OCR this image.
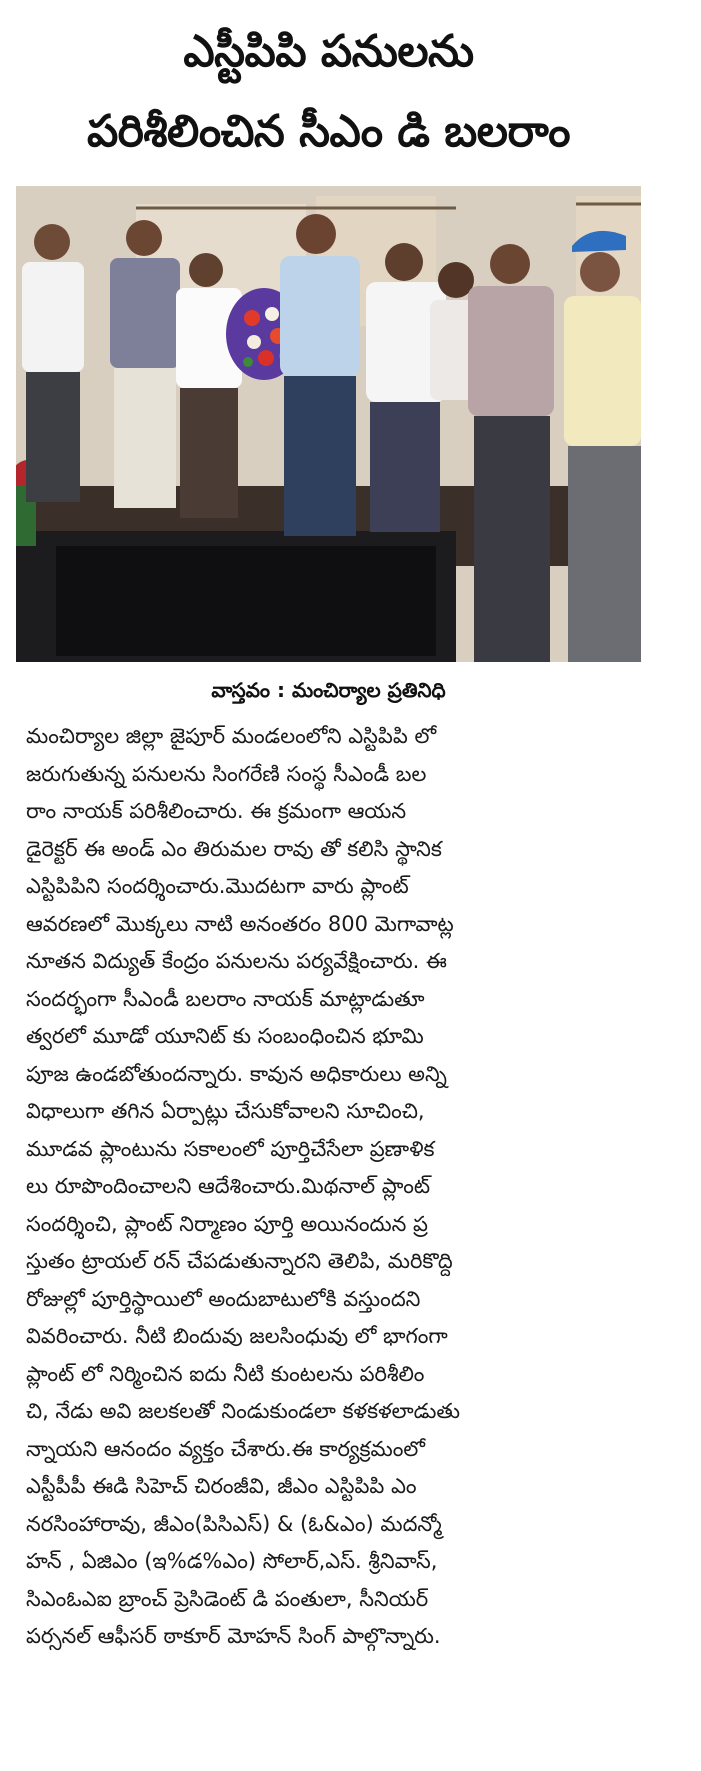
ఎస్టీపిపి పనులను
పరిశీలించిన సీఎం డి బలరాం
వాస్తవం : మంచిర్యాల ప్రతినిధి
మంచిర్యాల జిల్లా జైపూర్ మండలంలోని ఎస్టిపిపి లో
జరుగుతున్న పనులను సింగరేణి సంస్థ సీఎండీ బల
రాం నాయక్ పరిశీలించారు. ఈ క్రమంగా ఆయన
డైరెక్టర్ ఈ అండ్ ఎం తిరుమల రావు తో కలిసి స్థానిక
ఎస్టిపిపిని సందర్శించారు.మొదటగా వారు ప్లాంట్
ఆవరణలో మొక్కలు నాటి అనంతరం 800 మెగావాట్ల
నూతన విద్యుత్ కేంద్రం పనులను పర్యవేక్షించారు. ఈ
సందర్భంగా సీఎండీ బలరాం నాయక్ మాట్లాడుతూ
త్వరలో మూడో యూనిట్ కు సంబంధించిన భూమి
పూజ ఉండబోతుందన్నారు. కావున అధికారులు అన్ని
విధాలుగా తగిన ఏర్పాట్లు చేసుకోవాలని సూచించి,
మూడవ ప్లాంటును సకాలంలో పూర్తిచేసేలా ప్రణాళిక
లు రూపొందించాలని ఆదేశించారు.మిథనాల్ ప్లాంట్
సందర్శించి, ప్లాంట్ నిర్మాణం పూర్తి అయినందున ప్ర
స్తుతం ట్రాయల్ రన్ చేపడుతున్నారని తెలిపి, మరికొద్ది
రోజుల్లో పూర్తిస్థాయిలో అందుబాటులోకి వస్తుందని
వివరించారు. నీటి బిందువు జలసింధువు లో భాగంగా
ప్లాంట్ లో నిర్మించిన ఐదు నీటి కుంటలను పరిశీలిం
చి, నేడు అవి జలకలతో నిండుకుండలా కళకళలాడుతు
న్నాయని ఆనందం వ్యక్తం చేశారు.ఈ కార్యక్రమంలో
ఎస్టీపీపీ ఈడి సిహెచ్ చిరంజీవి, జీఎం ఎస్టిపిపి ఎం
నరసింహారావు, జీఎం(పిసిఎస్) & (ఓ&ఎం) మదన్మో
హన్ , ఏజిఎం (ఇ%డ%ఎం) సోలార్,ఎస్. శ్రీనివాస్,
సిఎంఓఎఐ బ్రాంచ్ ప్రెసిడెంట్ డి పంతులా, సీనియర్
పర్సనల్ ఆఫీసర్ ఠాకూర్ మోహన్ సింగ్ పాల్గొన్నారు.
